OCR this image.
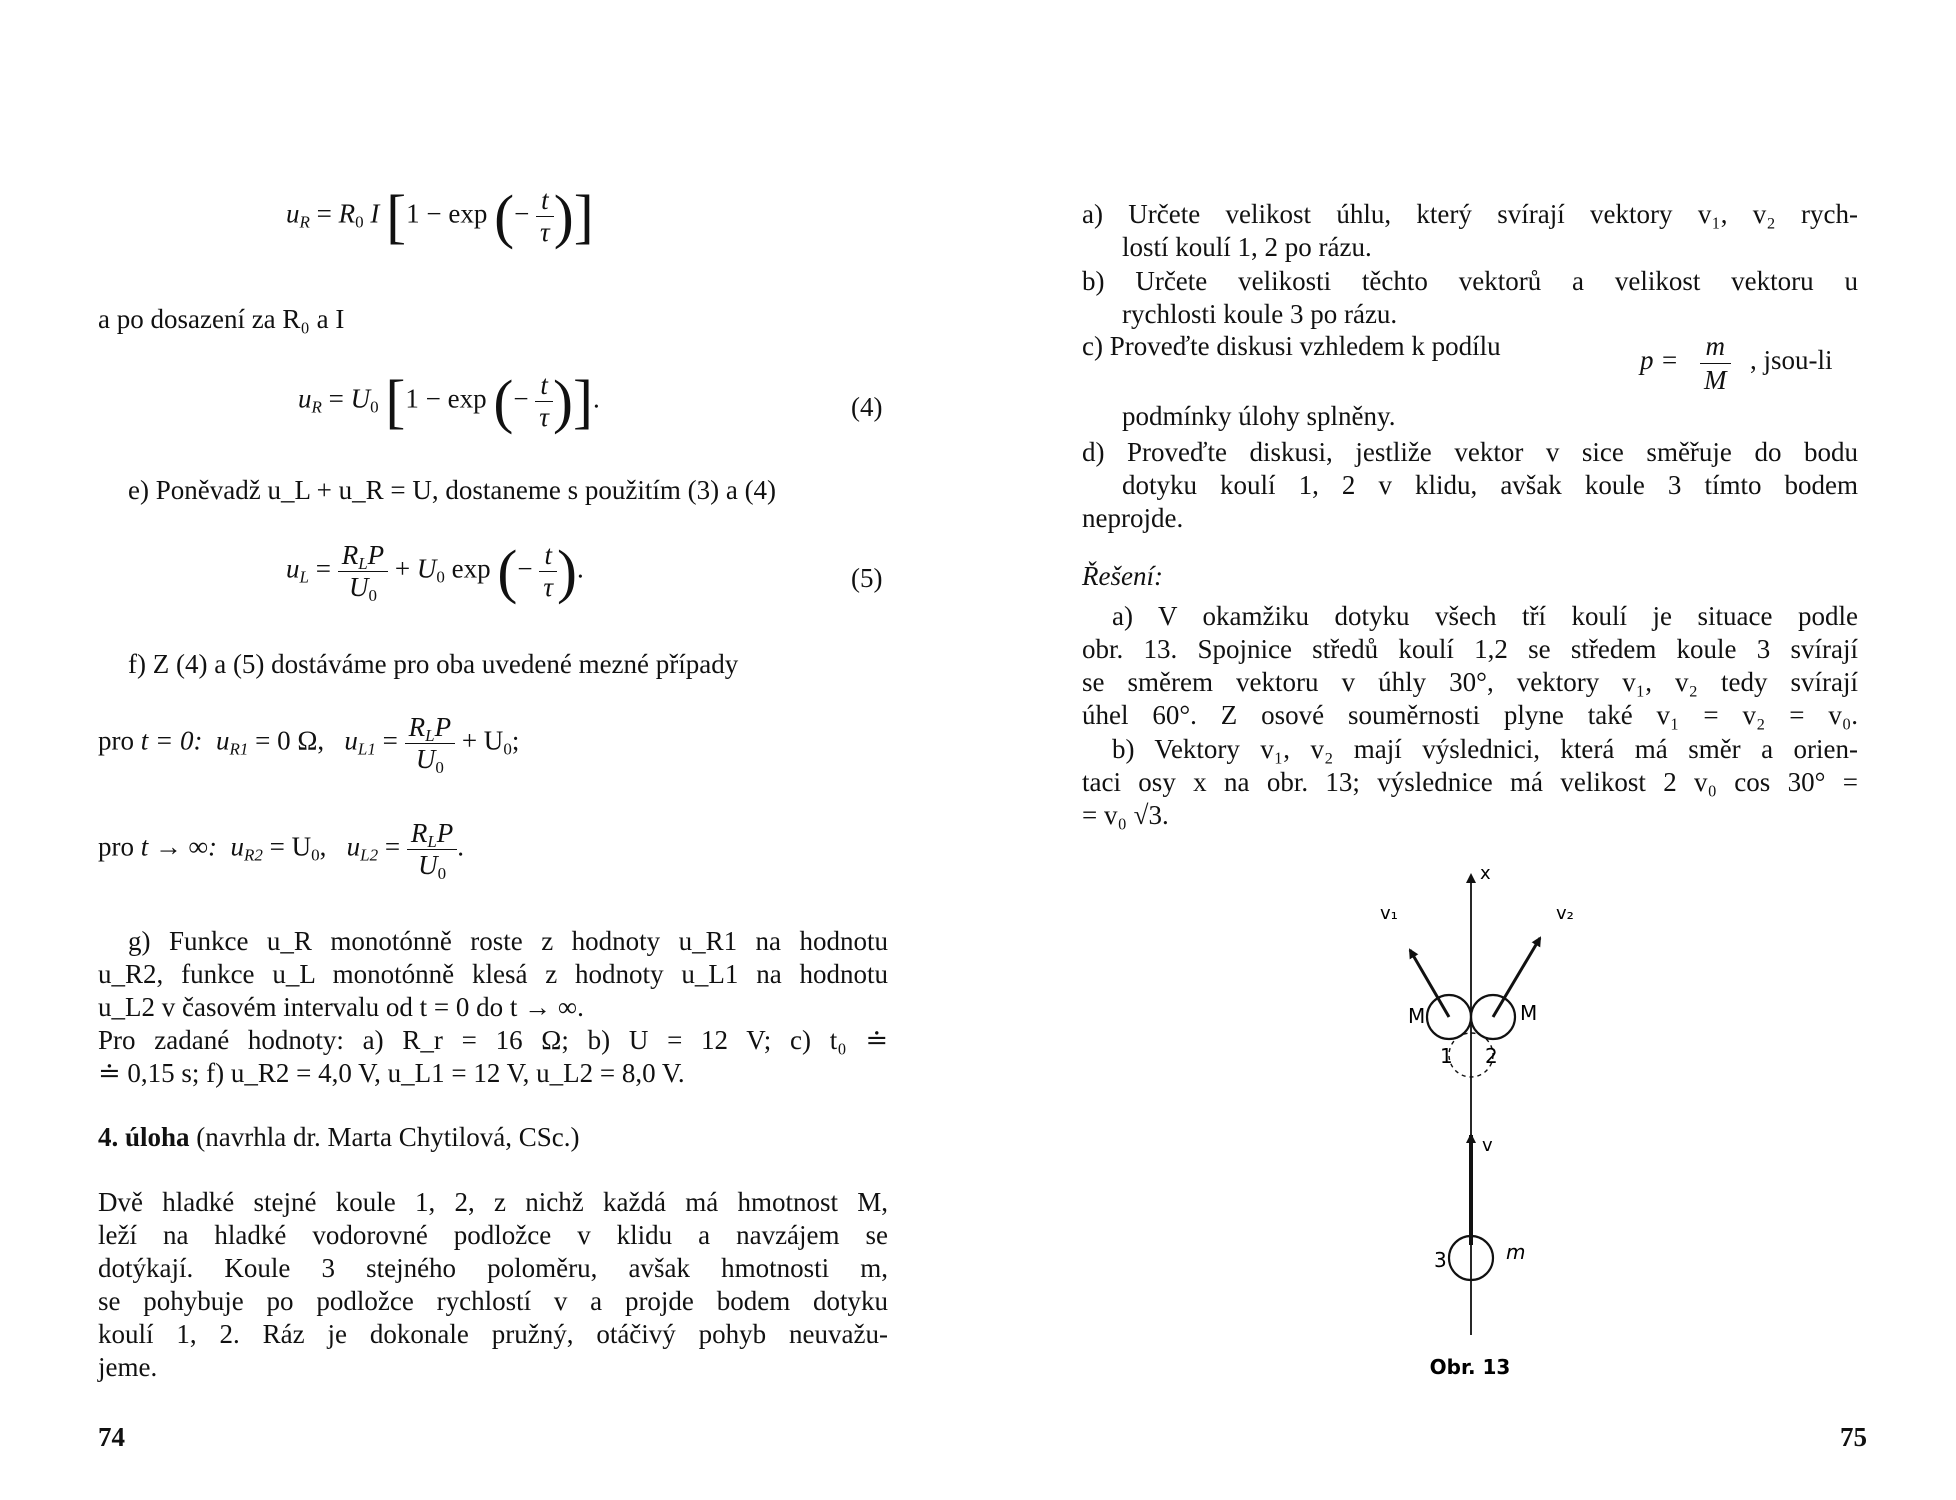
$u_R = R_0$ I [1 − exp (− $\frac{t}{\tau}$ )]
a po dosazení za R₀ a I
$u_R = U_0$ [1 − exp (− $\frac{t}{\tau}$ )].	(4)
e) Poněvadž u_L + u_R = U, dostaneme s použitím (3) a (4)
$u_L = \frac{R_LP}{U_0} + U_0$ exp (− $\frac{t}{\tau}$ ).	(5)
f) Z (4) a (5) dostáváme pro oba uvedené mezné případy
pro t = 0: $u_{R1} = 0$ Ω, $u_{L1} = \frac{R_LP}{U_0} + U_0$;
pro t → ∞: $u_{R2} = U_0$, $u_{L2} = \frac{R_LP}{U_0}$ .
g) Funkce u_R monotónně roste z hodnoty u_R1 na hodnotu
u_R2, funkce u_L monotónně klesá z hodnoty u_L1 na hodnotu
u_L2 v časovém intervalu od t = 0 do t → ∞.
Pro zadané hodnoty: a) R_r = 16 Ω; b) U = 12 V; c) t₀ ≐
≐ 0,15 s; f) u_R2 = 4,0 V, u_L1 = 12 V, u_L2 = 8,0 V.
4. úloha (navrhla dr. Marta Chytilová, CSc.)
Dvě hladké stejné koule 1, 2, z nichž každá má hmotnost M,
leží na hladké vodorovné podložce v klidu a navzájem se
dotýkají. Koule 3 stejného poloměru, avšak hmotnosti m,
se pohybuje po podložce rychlostí v a projde bodem dotyku
koulí 1, 2. Ráz je dokonale pružný, otáčivý pohyb neuvažu-
jeme.
74
a) Určete velikost úhlu, který svírají vektory v₁, v₂ rych-
lostí koulí 1, 2 po rázu.
b) Určete velikosti těchto vektorů a velikost vektoru u
rychlosti koule 3 po rázu.
c) Proveďte diskusi vzhledem k podílu	$p = \frac{m}{M}$ , jsou-li
podmínky úlohy splněny.
d) Proveďte diskusi, jestliže vektor v sice směřuje do bodu
dotyku koulí 1, 2 v klidu, avšak koule 3 tímto bodem
neprojde.
Řešení:
a) V okamžiku dotyku všech tří koulí je situace podle
obr. 13. Spojnice středů koulí 1,2 se středem koule 3 svírají
se směrem vektoru v úhly 30°, vektory v₁, v₂ tedy svírají
úhel 60°. Z osové souměrnosti plyne také v₁ = v₂ = v₀.
b) Vektory v₁, v₂ mají výslednici, která má směr a orien-
taci osy x na obr. 13; výslednice má velikost 2 v₀ cos 30° =
= v₀ √3.
x
v₁	v₂
M	M
1 2
v
3	m
Obr. 13
75
